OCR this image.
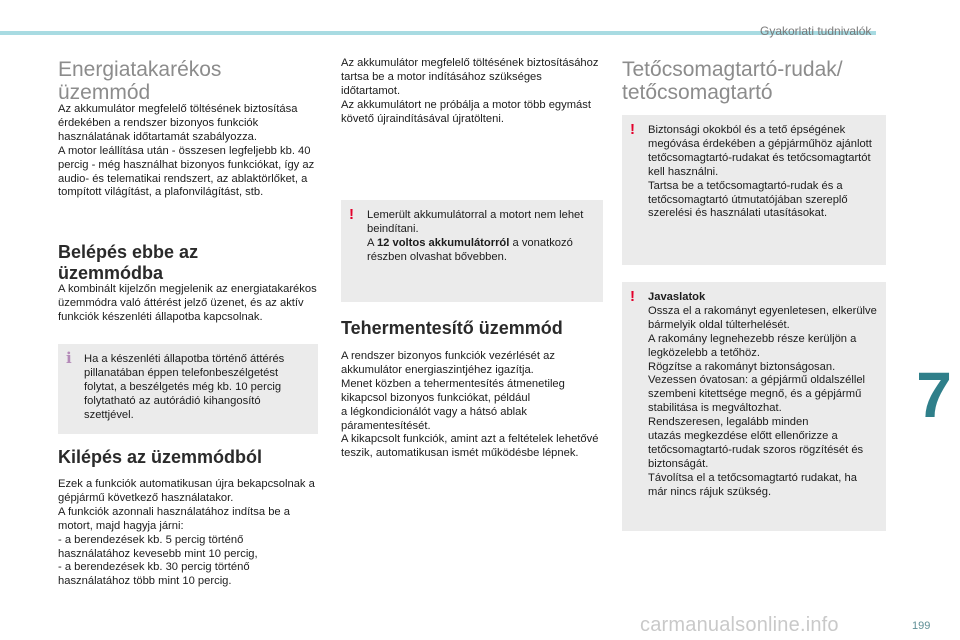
Gyakorlati tudnivalók
Energiatakarékos
üzemmód

Az akkumulátor megfelelő töltésének biztosítása érdekében a rendszer bizonyos funkciók használatának időtartamát szabályozza.
A motor leállítása után - összesen legfeljebb kb. 40 percig - még használhat bizonyos funkciókat, így az audio- és telematikai rendszert, az ablaktörlőket, a tompított világítást, a plafonvilágítást, stb.

Belépés ebbe az
üzemmódba

A kombinált kijelzőn megjelenik az energiatakarékos üzemmódra való áttérést jelző üzenet, és az aktív funkciók készenléti állapotba kapcsolnak.

i Ha a készenléti állapotba történő áttérés pillanatában éppen telefonbeszélgetést folytat, a beszélgetés még kb. 10 percig folytatható az autórádió kihangosító szettjével.

Kilépés az üzemmódból

Ezek a funkciók automatikusan újra bekapcsolnak a gépjármű következő használatakor.
A funkciók azonnali használatához indítsa be a motort, majd hagyja járni:
- a berendezések kb. 5 percig történő
használatához kevesebb mint 10 percig,
- a berendezések kb. 30 percig történő
használatához több mint 10 percig.

Az akkumulátor megfelelő töltésének biztosításához tartsa be a motor indításához szükséges időtartamot.
Az akkumulátort ne próbálja a motor több egymást követő újraindításával újratölteni.

! Lemerült akkumulátorral a motort nem lehet beindítani.
A 12 voltos akkumulátorról a vonatkozó részben olvashat bővebben.

Tehermentesítő üzemmód

A rendszer bizonyos funkciók vezérlését az akkumulátor energiaszintjéhez igazítja.
Menet közben a tehermentesítés átmenetileg kikapcsol bizonyos funkciókat, például
a légkondicionálót vagy a hátsó ablak páramentesítését.
A kikapcsolt funkciók, amint azt a feltételek lehetővé teszik, automatikusan ismét működésbe lépnek.

Tetőcsomagtartó-rudak/
tetőcsomagtartó
! Biztonsági okokból és a tető épségének megóvása érdekében a gépjárműhöz ajánlott tetőcsomagtartó-rudakat és tetőcsomagtartót kell használni.
Tartsa be a tetőcsomagtartó-rudak és a tetőcsomagtartó útmutatójában szereplő szerelési és használati utasításokat.

! Javaslatok
Ossza el a rakományt egyenletesen, elkerülve bármelyik oldal túlterhelését.
A rakomány legnehezebb része kerüljön a legközelebb a tetőhöz.
Rögzítse a rakományt biztonságosan.
Vezessen óvatosan: a gépjármű oldalszéllel szembeni kitettsége megnő, és a gépjármű stabilitása is megváltozhat.
Rendszeresen, legalább minden
utazás megkezdése előtt ellenőrizze a tetőcsomagtartó-rudak szoros rögzítését és biztonságát.
Távolítsa el a tetőcsomagtartó rudakat, ha már nincs rájuk szükség.
7
carmanualsonline.info	199
